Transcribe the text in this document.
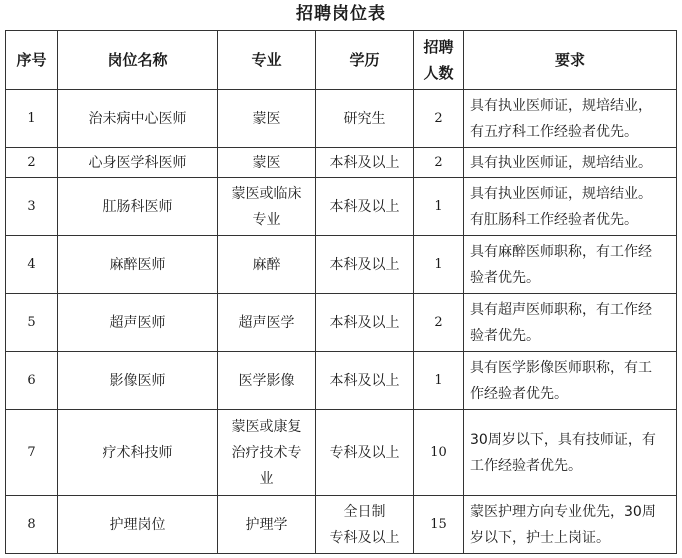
招聘岗位表
序号	岗位名称	专业	学历	招聘
人数	要求
1	治未病中心医师	蒙医	研究生	2	具有执业医师证，规培结业，
有五疗科工作经验者优先。
2	心身医学科医师	蒙医	本科及以上	2	具有执业医师证，规培结业。
3	肛肠科医师	蒙医或临床
专业	本科及以上	1	具有执业医师证，规培结业。
有肛肠科工作经验者优先。
4	麻醉医师	麻醉	本科及以上	1	具有麻醉医师职称，有工作经
验者优先。
5	超声医师	超声医学	本科及以上	2	具有超声医师职称，有工作经
验者优先。
6	影像医师	医学影像	本科及以上	1	具有医学影像医师职称，有工
作经验者优先。
7	疗术科技师	蒙医或康复
治疗技术专
业	专科及以上	10	30周岁以下，具有技师证，有
工作经验者优先。
8	护理岗位	护理学	全日制
专科及以上	15	蒙医护理方向专业优先，30周
岁以下，护士上岗证。
